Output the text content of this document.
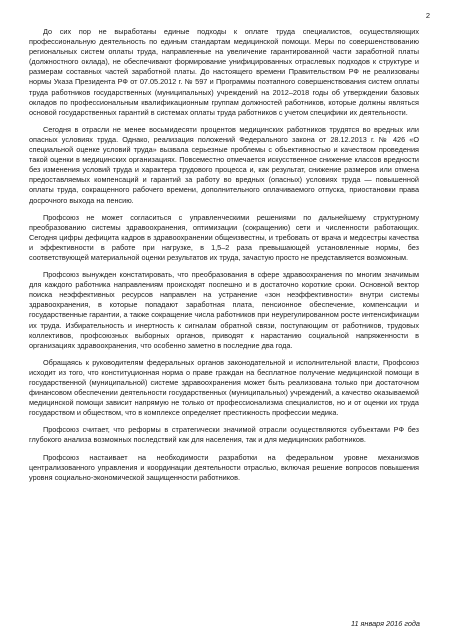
2

До сих пор не выработаны единые подходы к оплате труда специалистов, осуществляющих профессиональную деятельность по единым стандартам медицинской помощи. Меры по совершенствованию региональных систем оплаты труда, направленные на увеличение гарантированной части заработной платы (должностного оклада), не обеспечивают формирование унифицированных отраслевых подходов к структуре и размерам составных частей заработной платы. До настоящего времени Правительством РФ не реализованы нормы Указа Президента РФ от 07.05.2012 г. № 597 и Программы поэтапного совершенствования систем оплаты труда работников государственных (муниципальных) учреждений на 2012–2018 годы об утверждении базовых окладов по профессиональным квалификационным группам должностей работников, которые должны являться основой государственных гарантий в системах оплаты труда работников с учетом специфики их деятельности.

Сегодня в отрасли не менее восьмидесяти процентов медицинских работников трудятся во вредных или опасных условиях труда. Однако, реализация положений Федерального закона от 28.12.2013 г. № 426 «О специальной оценке условий труда» вызвала серьезные проблемы с объективностью и качеством проведения такой оценки в медицинских организациях. Повсеместно отмечается искусственное снижение классов вредности без изменения условий труда и характера трудового процесса и, как результат, снижение размеров или отмена предоставляемых компенсаций и гарантий за работу во вредных (опасных) условиях труда — повышенной оплаты труда, сокращенного рабочего времени, дополнительного оплачиваемого отпуска, приостановки права досрочного выхода на пенсию.

Профсоюз не может согласиться с управленческими решениями по дальнейшему структурному преобразованию системы здравоохранения, оптимизации (сокращению) сети и численности работающих. Сегодня цифры дефицита кадров в здравоохранении общеизвестны, и требовать от врача и медсестры качества и эффективности в работе при нагрузке, в 1,5–2 раза превышающей установленные нормы, без соответствующей материальной оценки результатов их труда, зачастую просто не представляется возможным.

Профсоюз вынужден констатировать, что преобразования в сфере здравоохранения по многим значимым для каждого работника направлениям происходят поспешно и в достаточно короткие сроки. Основной вектор поиска неэффективных ресурсов направлен на устранение «зон неэффективности» внутри системы здравоохранения, в которые попадают заработная плата, пенсионное обеспечение, компенсации и государственные гарантии, а также сокращение числа работников при неурегулированном росте интенсификации их труда. Избирательность и инертность к сигналам обратной связи, поступающим от работников, трудовых коллективов, профсоюзных выборных органов, приводят к нарастанию социальной напряженности в организациях здравоохранения, что особенно заметно в последние два года.

Обращаясь к руководителям федеральных органов законодательной и исполнительной власти, Профсоюз исходит из того, что конституционная норма о праве граждан на бесплатное получение медицинской помощи в государственной (муниципальной) системе здравоохранения может быть реализована только при достаточном финансовом обеспечении деятельности государственных (муниципальных) учреждений, а качество оказываемой медицинской помощи зависит напрямую не только от профессионализма специалистов, но и от оценки их труда государством и обществом, что в комплексе определяет престижность профессии медика.

Профсоюз считает, что реформы в стратегически значимой отрасли осуществляются субъектами РФ без глубокого анализа возможных последствий как для населения, так и для медицинских работников.

Профсоюз настаивает на необходимости разработки на федеральном уровне механизмов централизованного управления и координации деятельности отраслью, включая решение вопросов повышения уровня социально-экономической защищенности работников.

11 января 2016 года
